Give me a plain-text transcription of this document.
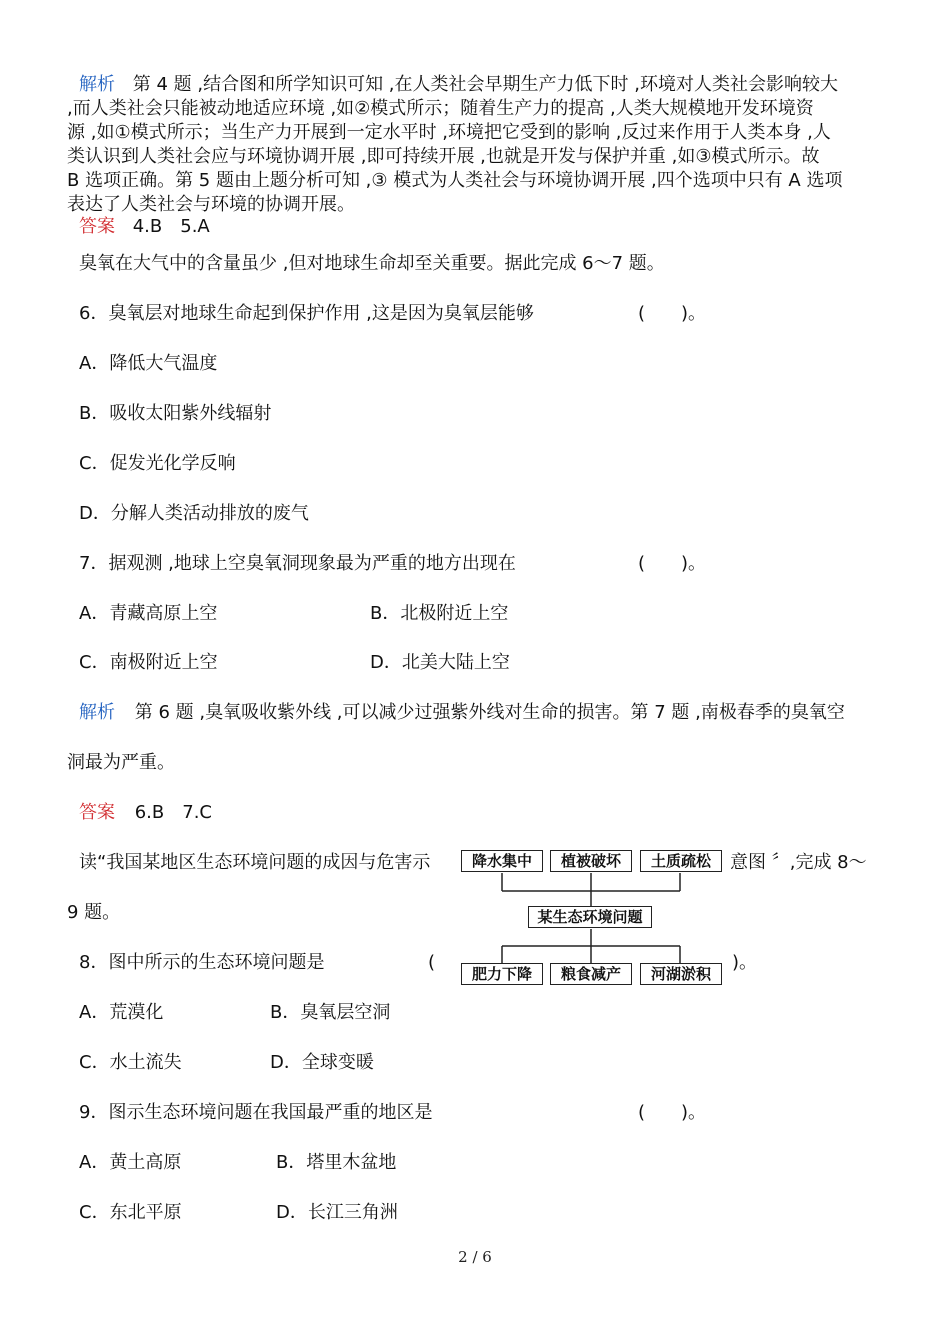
解析 第 4 题 ,结合图和所学知识可知 ,在人类社会早期生产力低下时 ,环境对人类社会影响较大
,而人类社会只能被动地适应环境 ,如②模式所示；随着生产力的提高 ,人类大规模地开发环境资
源 ,如①模式所示；当生产力开展到一定水平时 ,环境把它受到的影响 ,反过来作用于人类本身 ,人
类认识到人类社会应与环境协调开展 ,即可持续开展 ,也就是开发与保护并重 ,如③模式所示。故
B 选项正确。第 5 题由上题分析可知 ,③ 模式为人类社会与环境协调开展 ,四个选项中只有 A 选项
表达了人类社会与环境的协调开展。
答案 4.B　5.A
臭氧在大气中的含量虽少 ,但对地球生命却至关重要。据此完成 6～7 题。
6．臭氧层对地球生命起到保护作用 ,这是因为臭氧层能够	(　　)。
A．降低大气温度
B．吸收太阳紫外线辐射
C．促发光化学反响
D．分解人类活动排放的废气
7．据观测 ,地球上空臭氧洞现象最为严重的地方出现在	(　　)。
A．青藏高原上空	B．北极附近上空
C．南极附近上空	D．北美大陆上空
解析 第 6 题 ,臭氧吸收紫外线 ,可以减少过强紫外线对生命的损害。第 7 题 ,南极春季的臭氧空
洞最为严重。
答案 6.B　7.C
读“我国某地区生态环境问题的成因与危害示	意图 〞,完成 8～
9 题。
降水集中	植被破坏	土质疏松
某生态环境问题
肥力下降	粮食减产	河湖淤积
8．图中所示的生态环境问题是	(	)。
A．荒漠化	B．臭氧层空洞
C．水土流失	D．全球变暖
9．图示生态环境问题在我国最严重的地区是	(　　)。
A．黄土高原	B．塔里木盆地
C．东北平原	D．长江三角洲
2 / 6
